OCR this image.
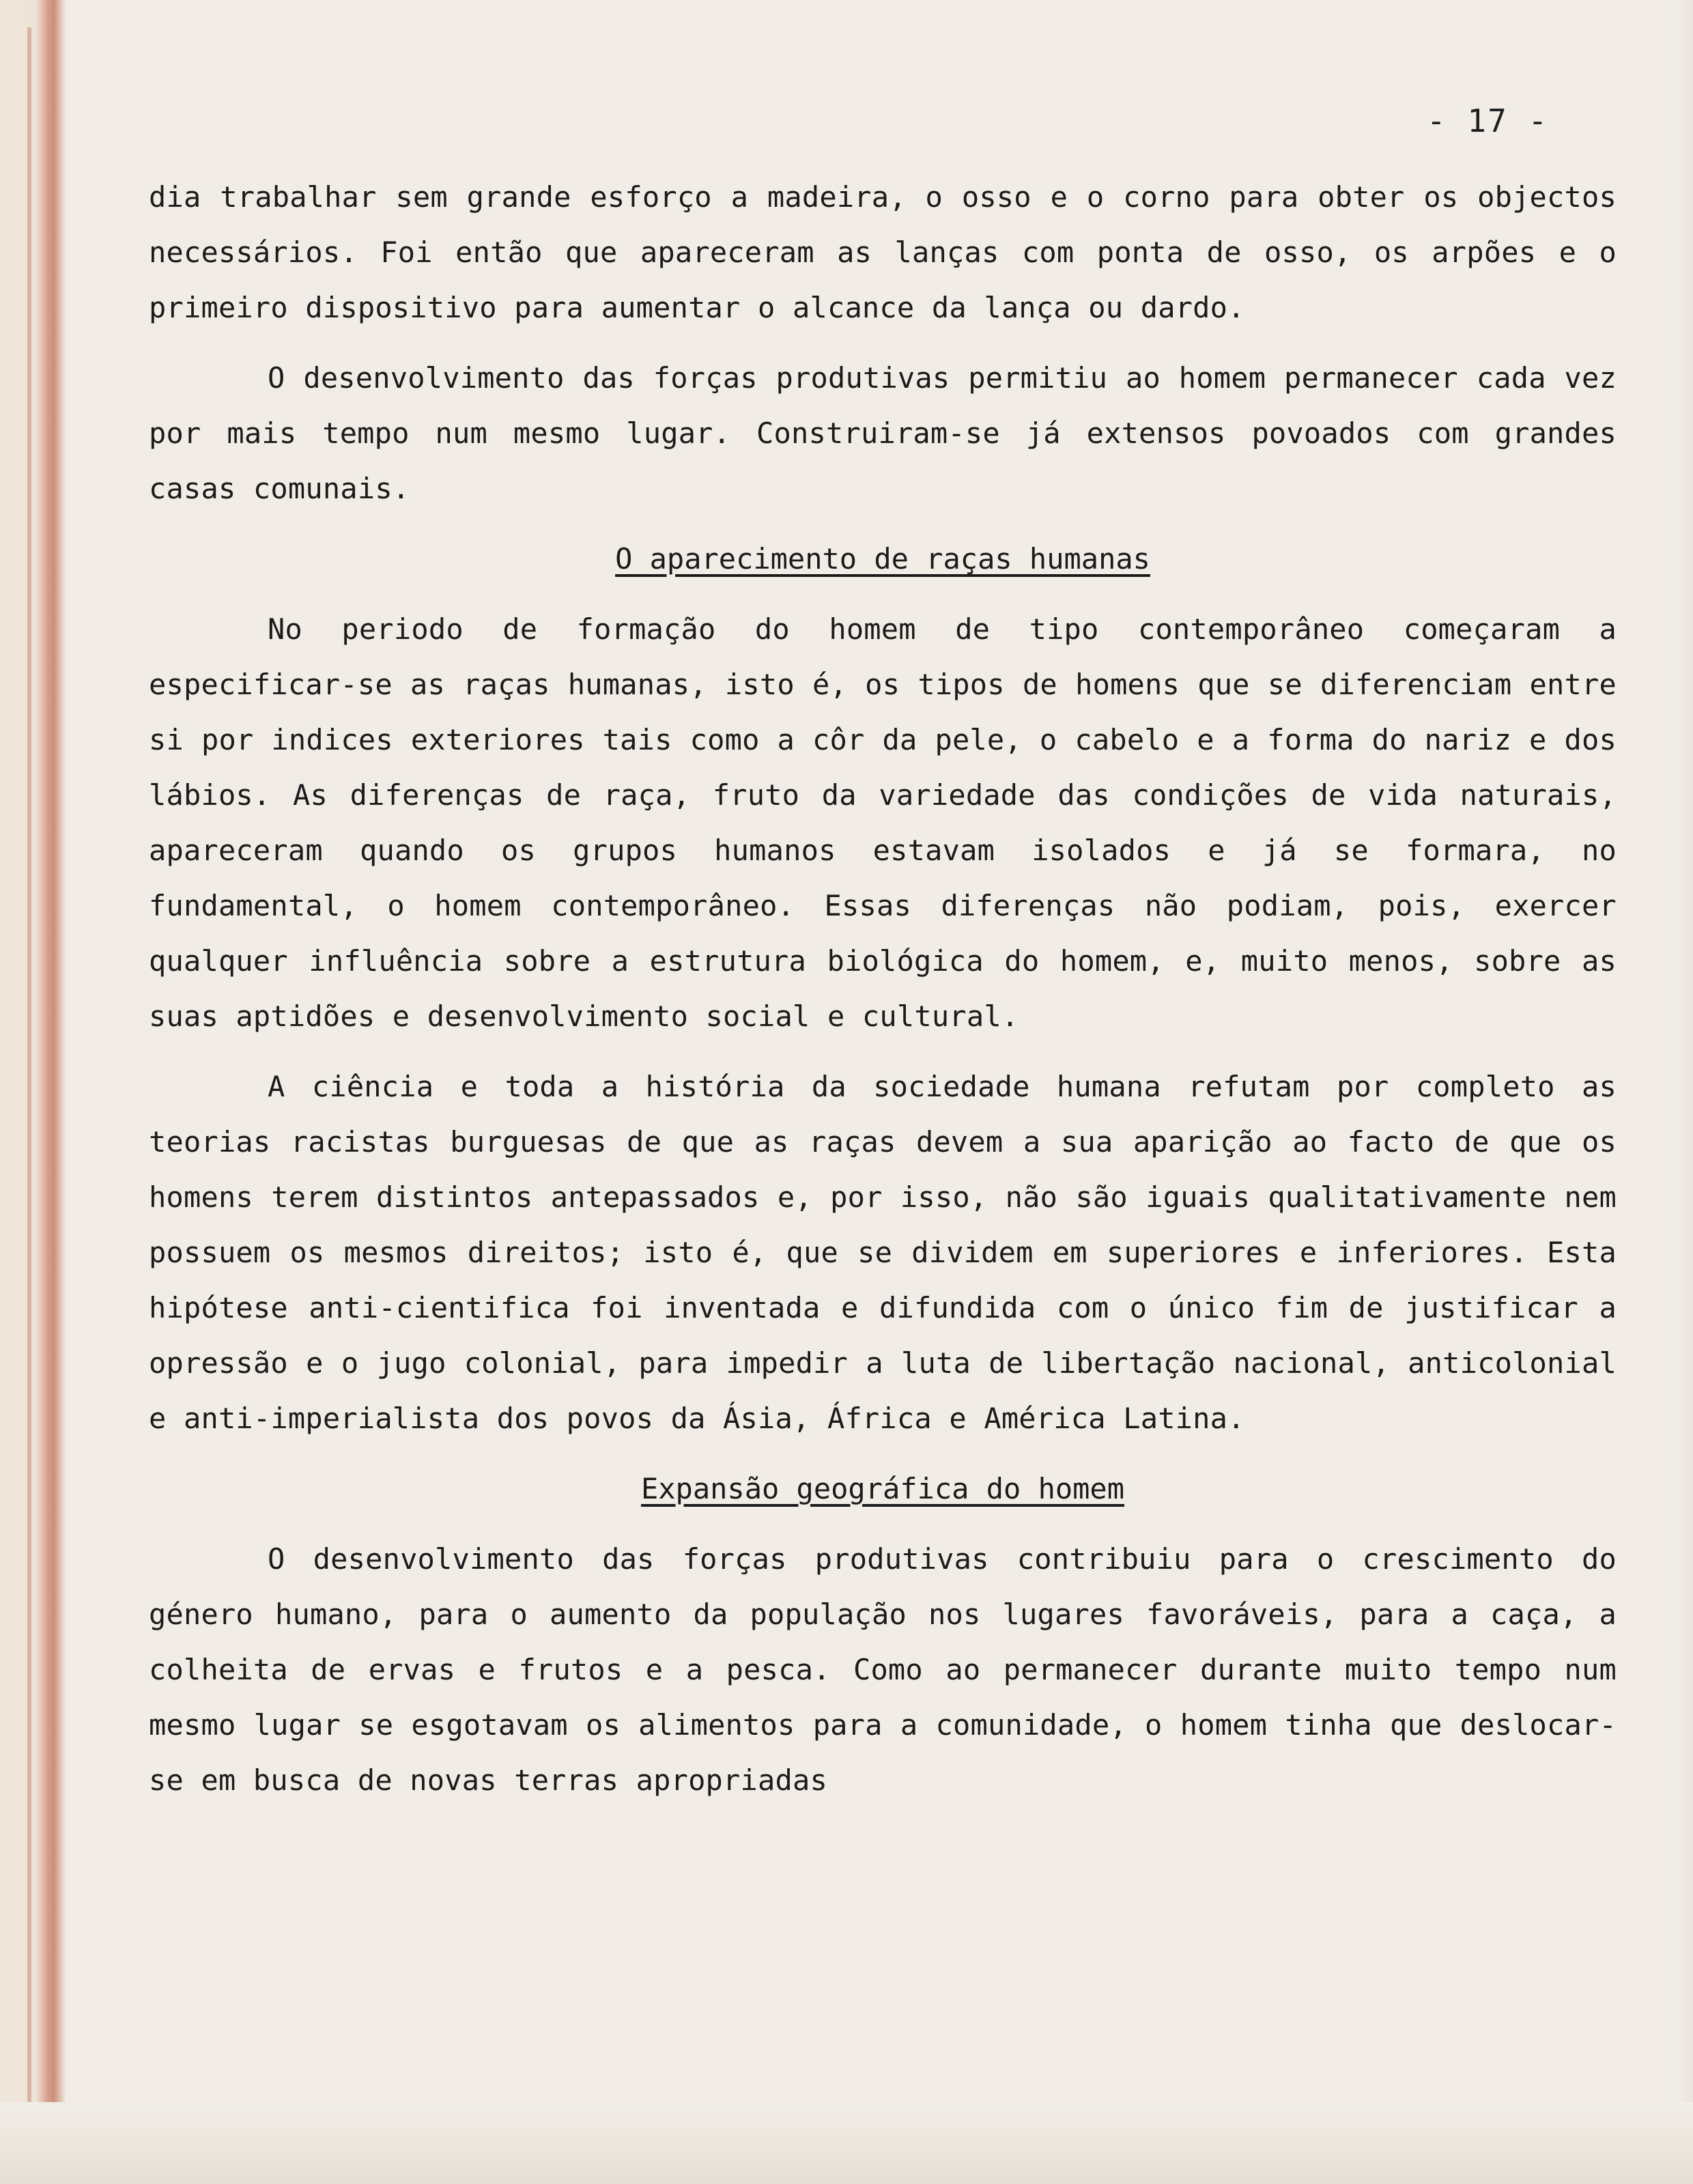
- 17 -

dia trabalhar sem grande esforço a madeira, o osso e o corno para obter os objectos necessários. Foi então que apareceram as lanças com ponta de osso, os arpões e o primeiro dispositivo para aumentar o alcance da lança ou dardo.

O desenvolvimento das forças produtivas permitiu ao homem permanecer cada vez por mais tempo num mesmo lugar. Construiram-se já extensos povoados com grandes casas comunais.

O aparecimento de raças humanas

No periodo de formação do homem de tipo contemporâneo começaram a especificar-se as raças humanas, isto é, os tipos de homens que se diferenciam entre si por indices exteriores tais como a côr da pele, o cabelo e a forma do nariz e dos lábios. As diferenças de raça, fruto da variedade das condições de vida naturais, apareceram quando os grupos humanos estavam isolados e já se formara, no fundamental, o homem contemporâneo. Essas diferenças não podiam, pois, exercer qualquer influência sobre a estrutura biológica do homem, e, muito menos, sobre as suas aptidões e desenvolvimento social e cultural.

A ciência e toda a história da sociedade humana refutam por completo as teorias racistas burguesas de que as raças devem a sua aparição ao facto de que os homens terem distintos antepassados e, por isso, não são iguais qualitativamente nem possuem os mesmos direitos; isto é, que se dividem em superiores e inferiores. Esta hipótese anti-cientifica foi inventada e difundida com o único fim de justificar a opressão e o jugo colonial, para impedir a luta de libertação nacional, anticolonial e anti-imperialista dos povos da Ásia, África e América Latina.

Expansão geográfica do homem

O desenvolvimento das forças produtivas contribuiu para o crescimento do género humano, para o aumento da população nos lugares favoráveis, para a caça, a colheita de ervas e frutos e a pesca. Como ao permanecer durante muito tempo num mesmo lugar se esgotavam os alimentos para a comunidade, o homem tinha que deslocar-se em busca de novas terras apropriadas
